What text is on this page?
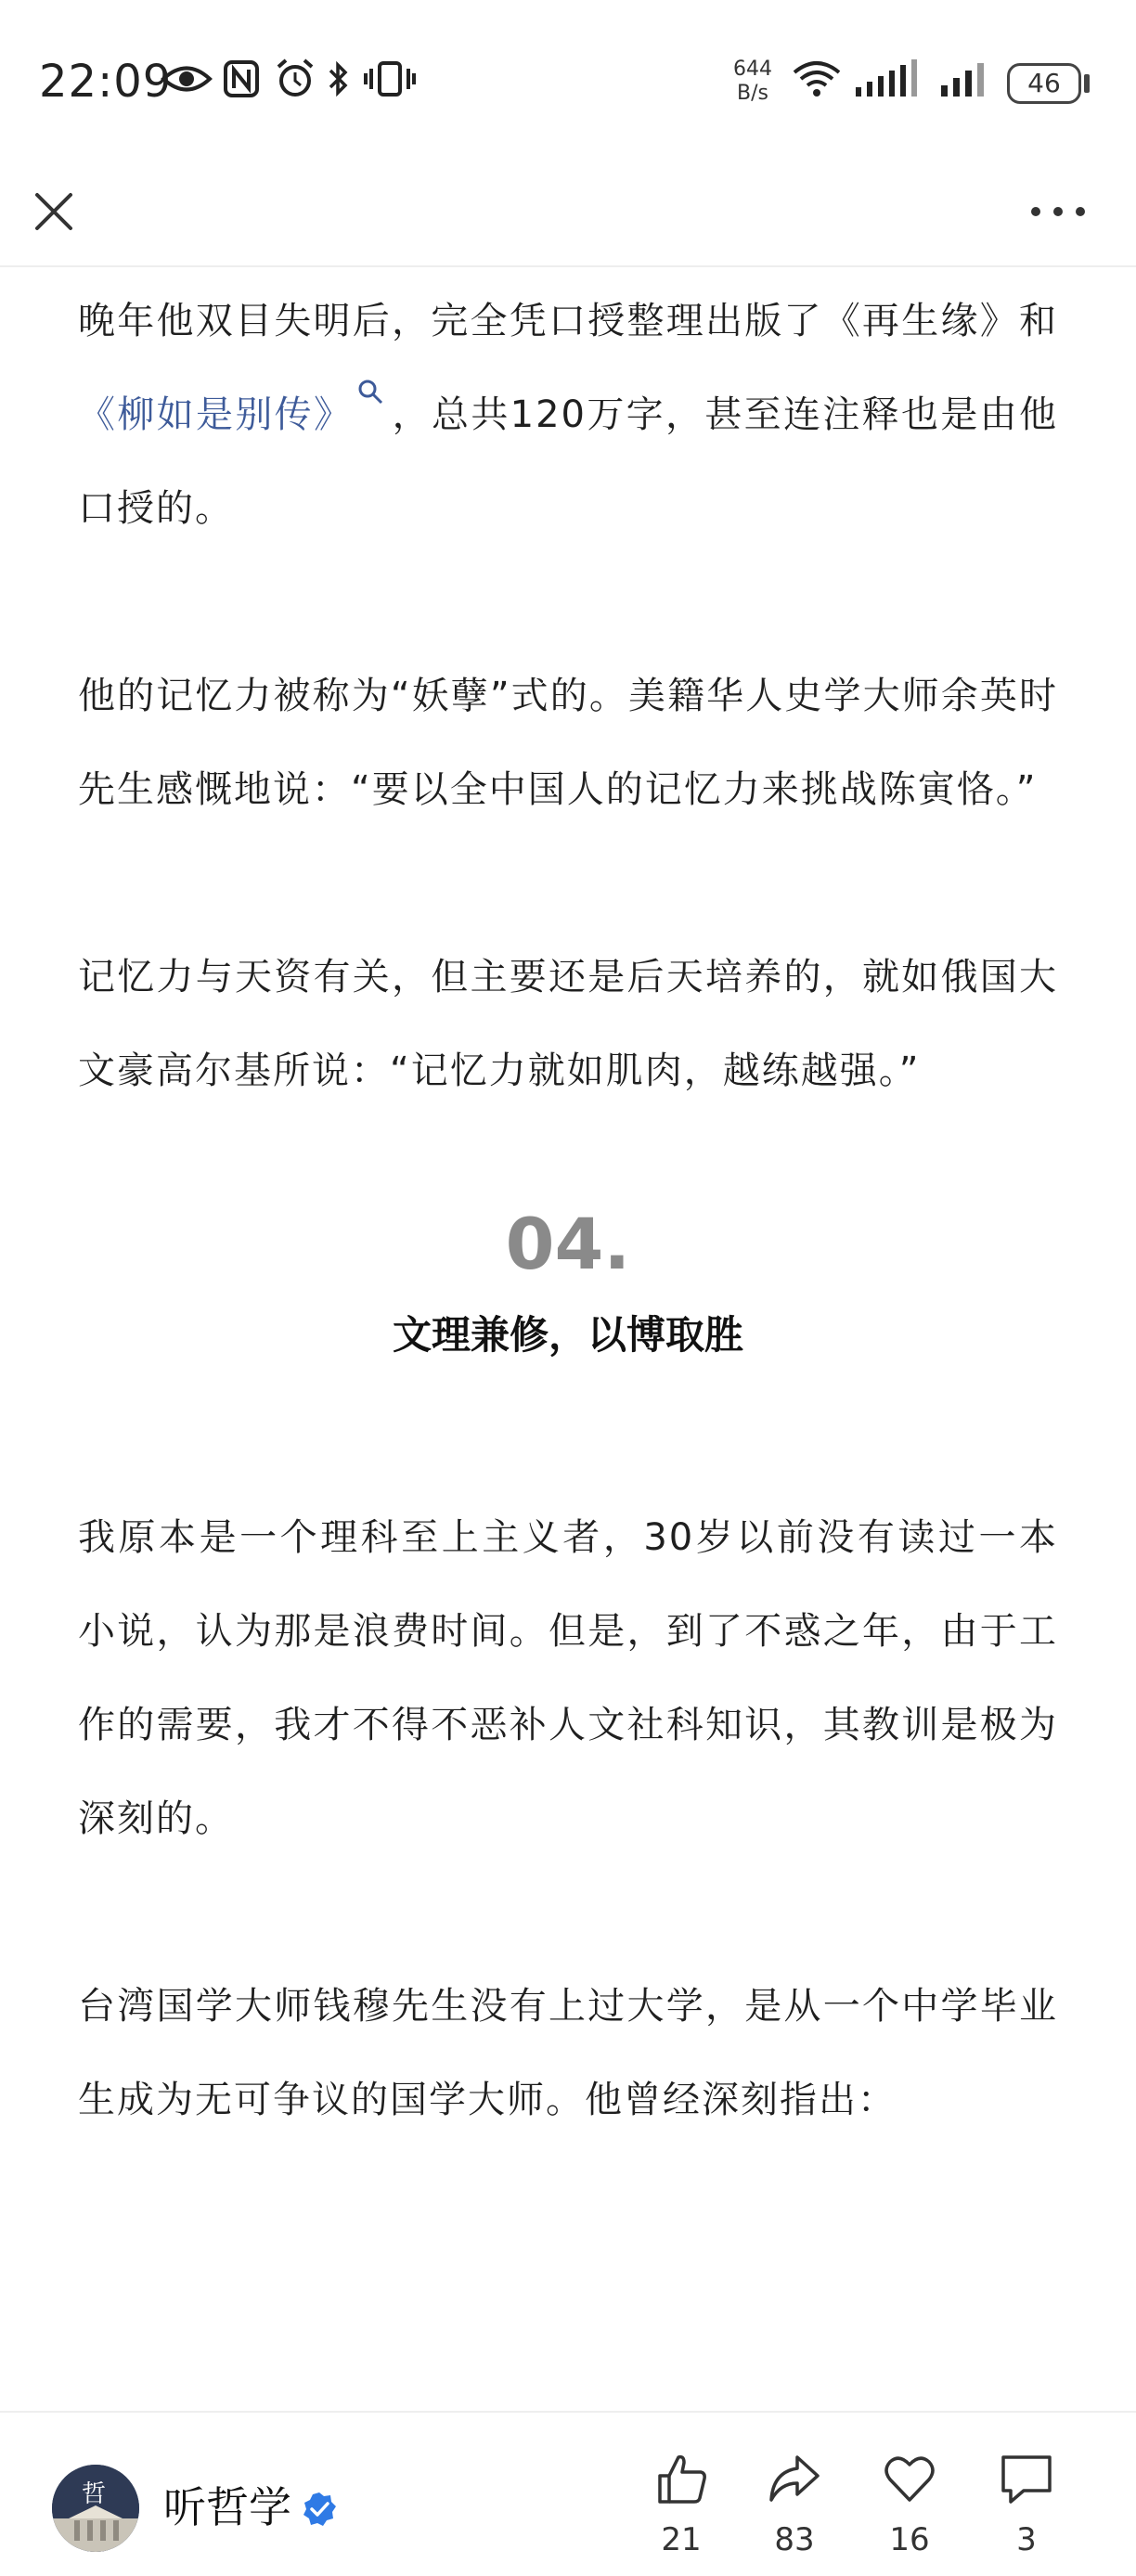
22:09	644
B/s	46

晚年他双目失明后，完全凭口授整理出版了《再生缘》和《柳如是别传》 ，总共120万字，甚至连注释也是由他口授的。

他的记忆力被称为“妖孽”式的。美籍华人史学大师余英时先生感慨地说：“要以全中国人的记忆力来挑战陈寅恪。”

记忆力与天资有关，但主要还是后天培养的，就如俄国大文豪高尔基所说：“记忆力就如肌肉，越练越强。”

04.
文理兼修，以博取胜

我原本是一个理科至上主义者，30岁以前没有读过一本小说，认为那是浪费时间。但是，到了不惑之年，由于工作的需要，我才不得不恶补人文社科知识，其教训是极为深刻的。

台湾国学大师钱穆先生没有上过大学，是从一个中学毕业生成为无可争议的国学大师。他曾经深刻指出：

哲 听哲学
21	83	16	3
